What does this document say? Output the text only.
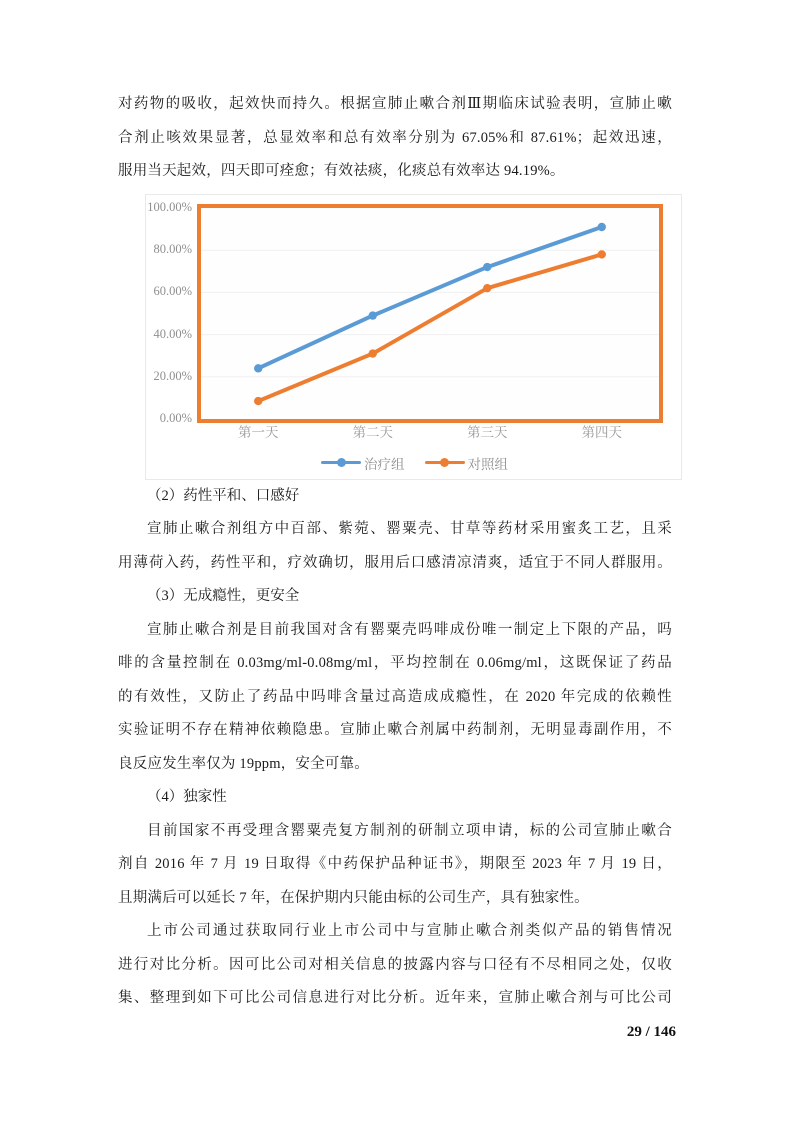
对药物的吸收，起效快而持久。根据宣肺止嗽合剂Ⅲ期临床试验表明，宣肺止嗽
合剂止咳效果显著，总显效率和总有效率分别为 67.05%和 87.61%；起效迅速，
服用当天起效，四天即可痊愈；有效祛痰，化痰总有效率达 94.19%。
0.00%
20.00%
40.00%
60.00%
80.00%
100.00%
第一天	第二天	第三天	第四天
治疗组	对照组
（2）药性平和、口感好
宣肺止嗽合剂组方中百部、紫菀、罂粟壳、甘草等药材采用蜜炙工艺，且采
用薄荷入药，药性平和，疗效确切，服用后口感清凉清爽，适宜于不同人群服用。
（3）无成瘾性，更安全
宣肺止嗽合剂是目前我国对含有罂粟壳吗啡成份唯一制定上下限的产品，吗
啡的含量控制在 0.03mg/ml-0.08mg/ml，平均控制在 0.06mg/ml，这既保证了药品
的有效性，又防止了药品中吗啡含量过高造成成瘾性，在 2020 年完成的依赖性
实验证明不存在精神依赖隐患。宣肺止嗽合剂属中药制剂，无明显毒副作用，不
良反应发生率仅为 19ppm，安全可靠。
（4）独家性
目前国家不再受理含罂粟壳复方制剂的研制立项申请，标的公司宣肺止嗽合
剂自 2016 年 7 月 19 日取得《中药保护品种证书》，期限至 2023 年 7 月 19 日，
且期满后可以延长 7 年，在保护期内只能由标的公司生产，具有独家性。
上市公司通过获取同行业上市公司中与宣肺止嗽合剂类似产品的销售情况
进行对比分析。因可比公司对相关信息的披露内容与口径有不尽相同之处，仅收
集、整理到如下可比公司信息进行对比分析。近年来，宣肺止嗽合剂与可比公司
29 / 146
